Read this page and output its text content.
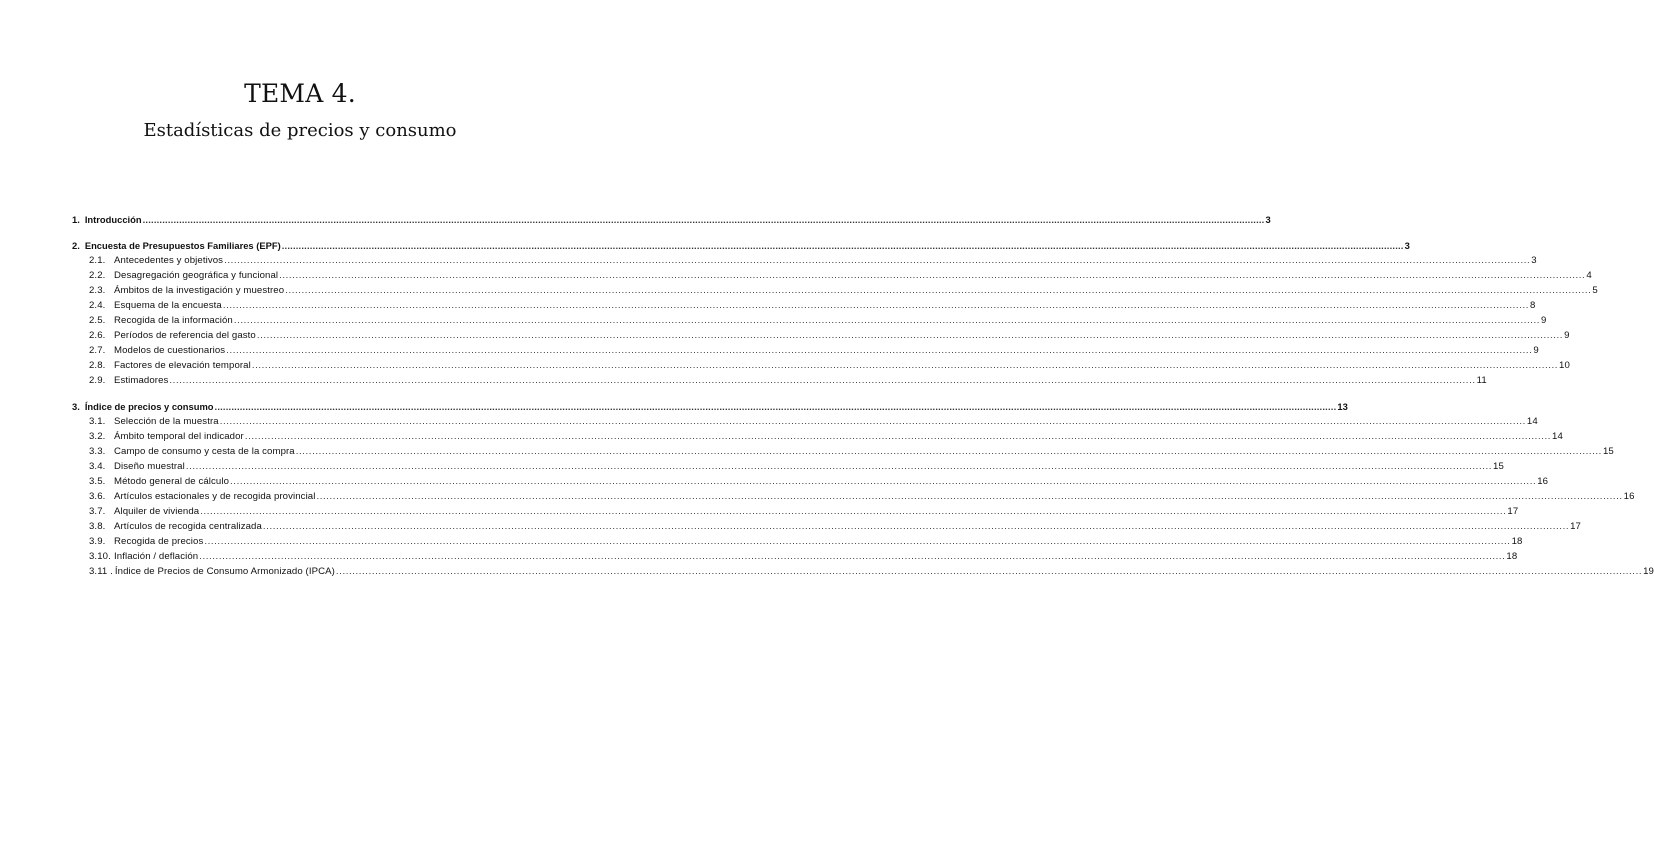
TEMA 4.
Estadísticas de precios y consumo
1. Introducción ................................................................................................................................................................................................................................................................................................................................................................................................................ 3
2. Encuesta de Presupuestos Familiares (EPF) ................................................................................................................................................................................................................................................................................................................................................................................................................ 3
2.1. Antecedentes y objetivos ................................................................................................................................................................................................................................................................................................................................................................................................................ 3
2.2. Desagregación geográfica y funcional ................................................................................................................................................................................................................................................................................................................................................................................................................ 4
2.3. Ámbitos de la investigación y muestreo ................................................................................................................................................................................................................................................................................................................................................................................................................ 5
2.4. Esquema de la encuesta ................................................................................................................................................................................................................................................................................................................................................................................................................ 8
2.5. Recogida de la información ................................................................................................................................................................................................................................................................................................................................................................................................................ 9
2.6. Períodos de referencia del gasto ................................................................................................................................................................................................................................................................................................................................................................................................................ 9
2.7. Modelos de cuestionarios ................................................................................................................................................................................................................................................................................................................................................................................................................ 9
2.8. Factores de elevación temporal ................................................................................................................................................................................................................................................................................................................................................................................................................ 10
2.9. Estimadores ................................................................................................................................................................................................................................................................................................................................................................................................................ 11
3. Índice de precios y consumo ................................................................................................................................................................................................................................................................................................................................................................................................................ 13
3.1. Selección de la muestra ................................................................................................................................................................................................................................................................................................................................................................................................................ 14
3.2. Ámbito temporal del indicador ................................................................................................................................................................................................................................................................................................................................................................................................................ 14
3.3. Campo de consumo y cesta de la compra ................................................................................................................................................................................................................................................................................................................................................................................................................ 15
3.4. Diseño muestral ................................................................................................................................................................................................................................................................................................................................................................................................................ 15
3.5. Método general de cálculo ................................................................................................................................................................................................................................................................................................................................................................................................................ 16
3.6. Artículos estacionales y de recogida provincial ................................................................................................................................................................................................................................................................................................................................................................................................................ 16
3.7. Alquiler de vivienda ................................................................................................................................................................................................................................................................................................................................................................................................................ 17
3.8. Artículos de recogida centralizada ................................................................................................................................................................................................................................................................................................................................................................................................................ 17
3.9. Recogida de precios ................................................................................................................................................................................................................................................................................................................................................................................................................ 18
3.10. Inflación / deflación ................................................................................................................................................................................................................................................................................................................................................................................................................ 18
3.11 . Índice de Precios de Consumo Armonizado (IPCA) ................................................................................................................................................................................................................................................................................................................................................................................................................ 19
